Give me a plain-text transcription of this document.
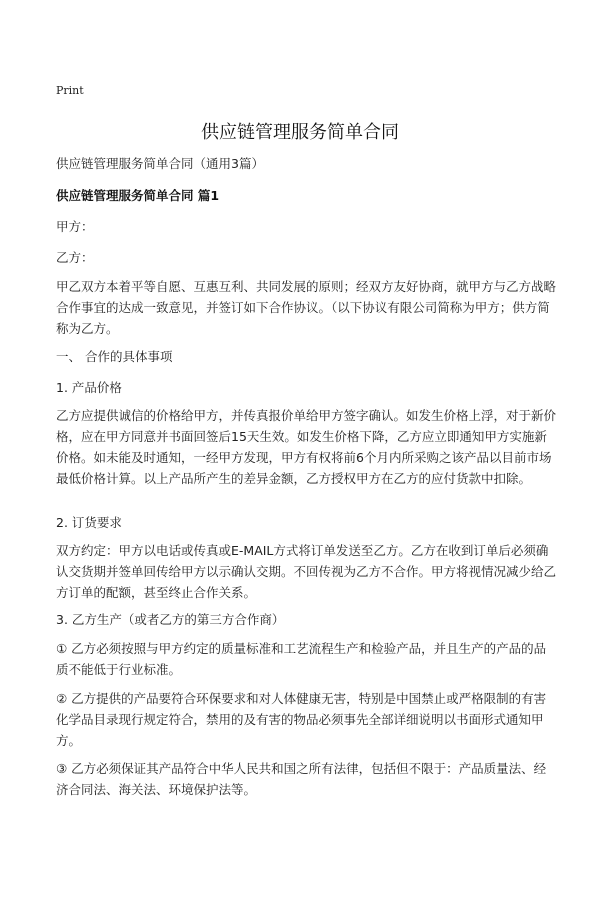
Print
供应链管理服务简单合同

供应链管理服务简单合同（通用3篇）

供应链管理服务简单合同 篇1

甲方：

乙方：

甲乙双方本着平等自愿、互惠互利、共同发展的原则；经双方友好协商，就甲方与乙方战略合作事宜的达成一致意见，并签订如下合作协议。（以下协议有限公司简称为甲方；供方简称为乙方。

一、 合作的具体事项

1. 产品价格

乙方应提供诚信的价格给甲方，并传真报价单给甲方签字确认。如发生价格上浮，对于新价格，应在甲方同意并书面回签后15天生效。如发生价格下降，乙方应立即通知甲方实施新价格。如未能及时通知，一经甲方发现，甲方有权将前6个月内所采购之该产品以目前市场最低价格计算。以上产品所产生的差异金额，乙方授权甲方在乙方的应付货款中扣除。

2. 订货要求

双方约定：甲方以电话或传真或E-MAIL方式将订单发送至乙方。乙方在收到订单后必须确认交货期并签单回传给甲方以示确认交期。不回传视为乙方不合作。甲方将视情况减少给乙方订单的配额，甚至终止合作关系。

3. 乙方生产（或者乙方的第三方合作商）

① 乙方必须按照与甲方约定的质量标准和工艺流程生产和检验产品，并且生产的产品的品质不能低于行业标准。

② 乙方提供的产品要符合环保要求和对人体健康无害，特别是中国禁止或严格限制的有害化学品目录现行规定符合，禁用的及有害的物品必须事先全部详细说明以书面形式通知甲方。

③ 乙方必须保证其产品符合中华人民共和国之所有法律，包括但不限于：产品质量法、经济合同法、海关法、环境保护法等。
